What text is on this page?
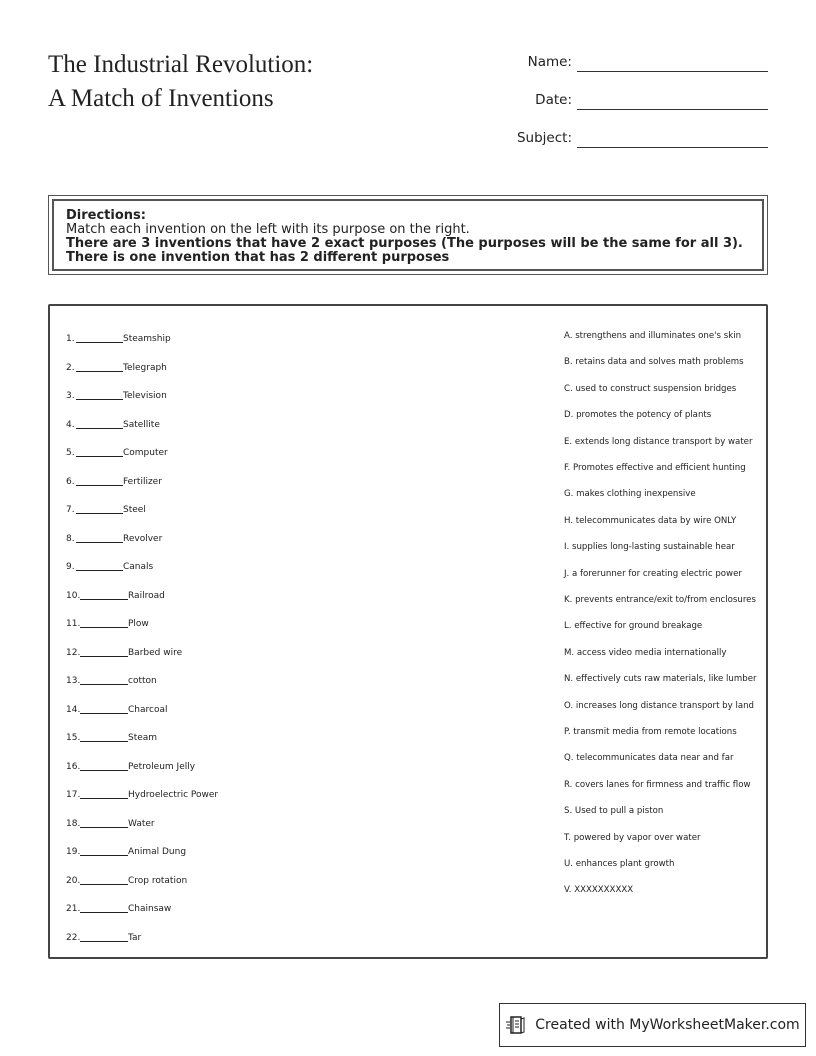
The Industrial Revolution:
A Match of Inventions
Name:
Date:
Subject:
Directions:
Match each invention on the left with its purpose on the right.
There are 3 inventions that have 2 exact purposes (The purposes will be the same for all 3).
There is one invention that has 2 different purposes
1.	Steamship
2.	Telegraph
3.	Television
4.	Satellite
5.	Computer
6.	Fertilizer
7.	Steel
8.	Revolver
9.	Canals
10.	Railroad
11.	Plow
12.	Barbed wire
13.	cotton
14.	Charcoal
15.	Steam
16.	Petroleum Jelly
17.	Hydroelectric Power
18.	Water
19.	Animal Dung
20.	Crop rotation
21.	Chainsaw
22.	Tar
A. strengthens and illuminates one's skin
B. retains data and solves math problems
C. used to construct suspension bridges
D. promotes the potency of plants
E. extends long distance transport by water
F. Promotes effective and efficient hunting
G. makes clothing inexpensive
H. telecommunicates data by wire ONLY
I. supplies long-lasting sustainable hear
J. a forerunner for creating electric power
K. prevents entrance/exit to/from enclosures
L. effective for ground breakage
M. access video media internationally
N. effectively cuts raw materials, like lumber
O. increases long distance transport by land
P. transmit media from remote locations
Q. telecommunicates data near and far
R. covers lanes for firmness and traffic flow
S. Used to pull a piston
T. powered by vapor over water
U. enhances plant growth
V. XXXXXXXXXX
Created with MyWorksheetMaker.com
